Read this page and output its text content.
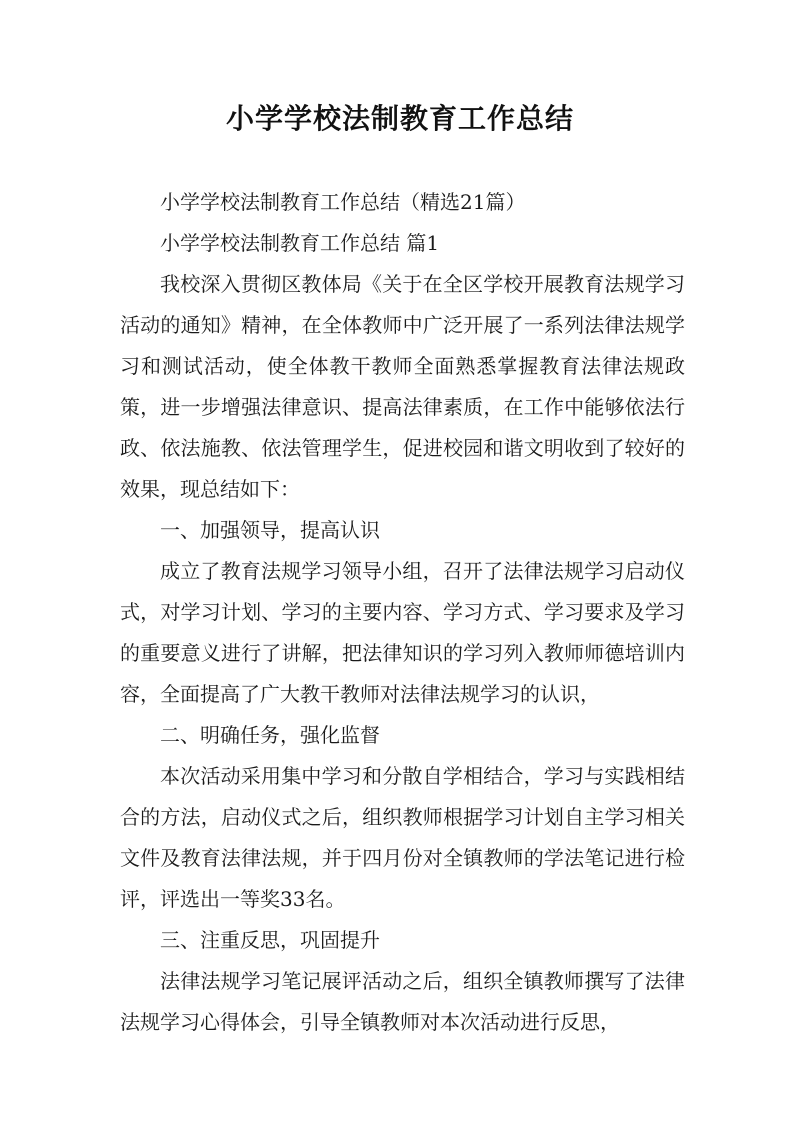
小学学校法制教育工作总结

小学学校法制教育工作总结（精选21篇）

小学学校法制教育工作总结 篇1

我校深入贯彻区教体局《关于在全区学校开展教育法规学习活动的通知》精神，在全体教师中广泛开展了一系列法律法规学习和测试活动，使全体教干教师全面熟悉掌握教育法律法规政策，进一步增强法律意识、提高法律素质，在工作中能够依法行政、依法施教、依法管理学生，促进校园和谐文明收到了较好的效果，现总结如下：

一、加强领导，提高认识

成立了教育法规学习领导小组，召开了法律法规学习启动仪式，对学习计划、学习的主要内容、学习方式、学习要求及学习的重要意义进行了讲解，把法律知识的学习列入教师师德培训内容，全面提高了广大教干教师对法律法规学习的认识，

二、明确任务，强化监督

本次活动采用集中学习和分散自学相结合，学习与实践相结合的方法，启动仪式之后，组织教师根据学习计划自主学习相关文件及教育法律法规，并于四月份对全镇教师的学法笔记进行检评，评选出一等奖33名。

三、注重反思，巩固提升

法律法规学习笔记展评活动之后，组织全镇教师撰写了法律法规学习心得体会，引导全镇教师对本次活动进行反思，
